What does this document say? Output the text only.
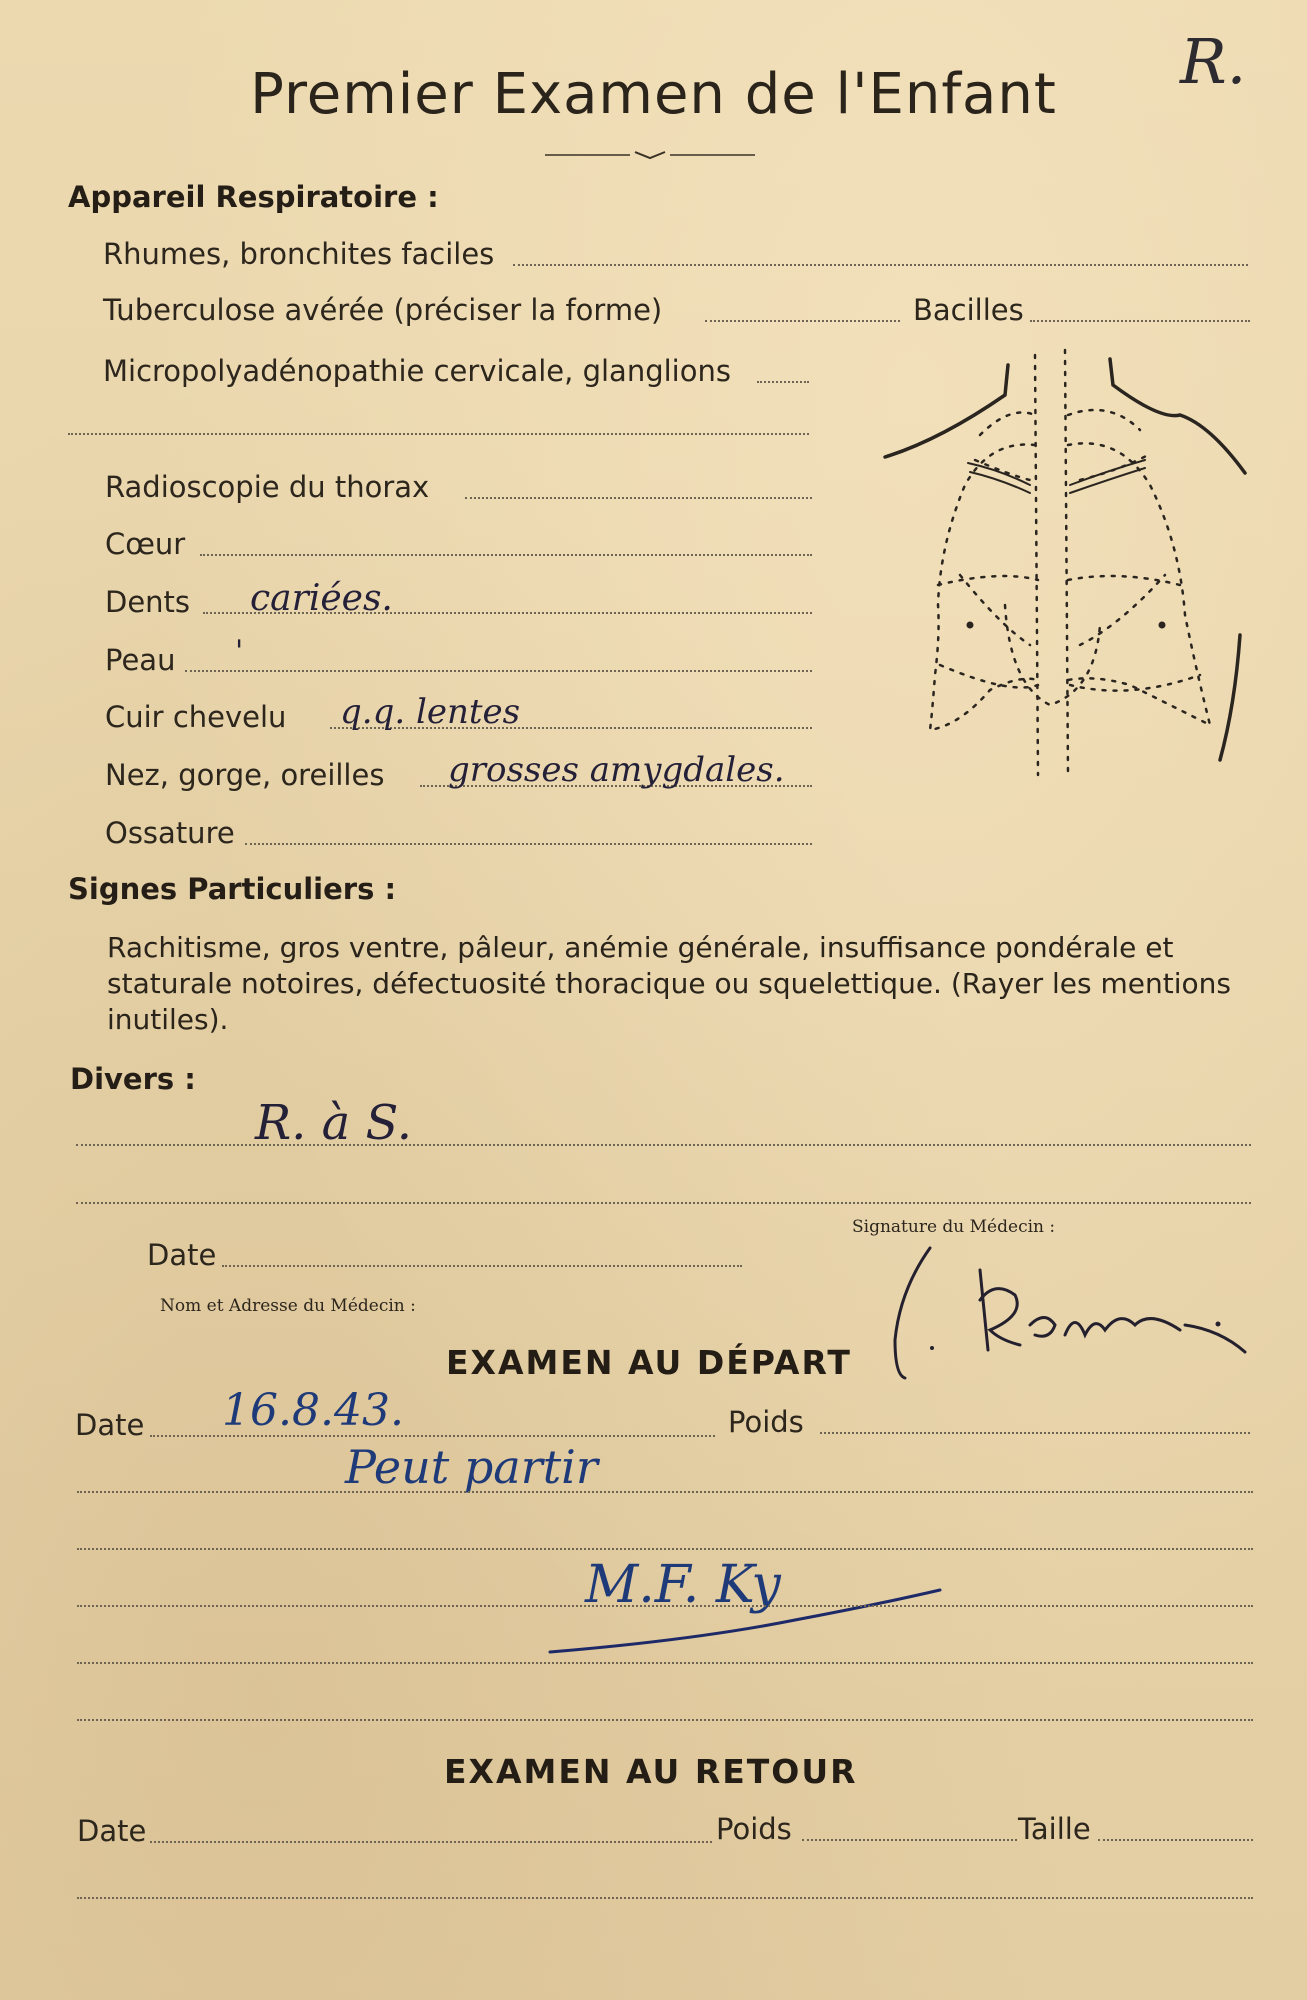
Premier Examen de l'Enfant	R.
Appareil Respiratoire :
Rhumes, bronchites faciles
Tuberculose avérée (préciser la forme)	Bacilles
Micropolyadénopathie cervicale, glanglions
Radioscopie du thorax
Cœur
Dents cariées.
Peau '
Cuir chevelu q.q. lentes
Nez, gorge, oreilles grosses amygdales.
Ossature
Signes Particuliers :
Rachitisme, gros ventre, pâleur, anémie générale, insuffisance pondérale et staturale notoires, défectuosité thoracique ou squelettique. (Rayer les mentions inutiles).
Divers :
R. à S.
Signature du Médecin :
Date
Nom et Adresse du Médecin :
EXAMEN AU DÉPART
Date 16.8.43.	Poids
Peut partir
M.F. Ky
EXAMEN AU RETOUR
Date	Poids	Taille
